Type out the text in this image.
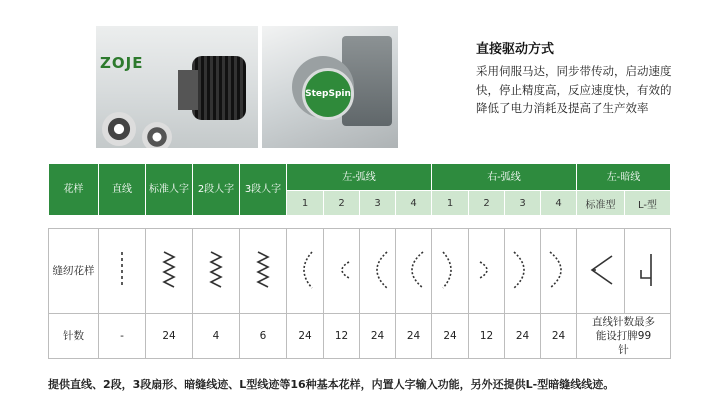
ZOJE
StepSpin
直接驱动方式
采用伺服马达，同步带传动，启动速度快，停止精度高，反应速度快，有效的降低了电力消耗及提高了生产效率
花样	直线	标准人字	2段人字	3段人字	左-弧线				右-弧线				左-暗线	
					1	2	3	4	1	2	3	4	标准型	L-型

缝纫花样														
针数	-	24	4	6	24	12	24	24	24	12	24	24	直线针数最多能设打脾99针	
提供直线、2段，3段扇形、暗缝线迹、L型线迹等16种基本花样，内置人字输入功能，另外还提供L-型暗缝线线迹。
